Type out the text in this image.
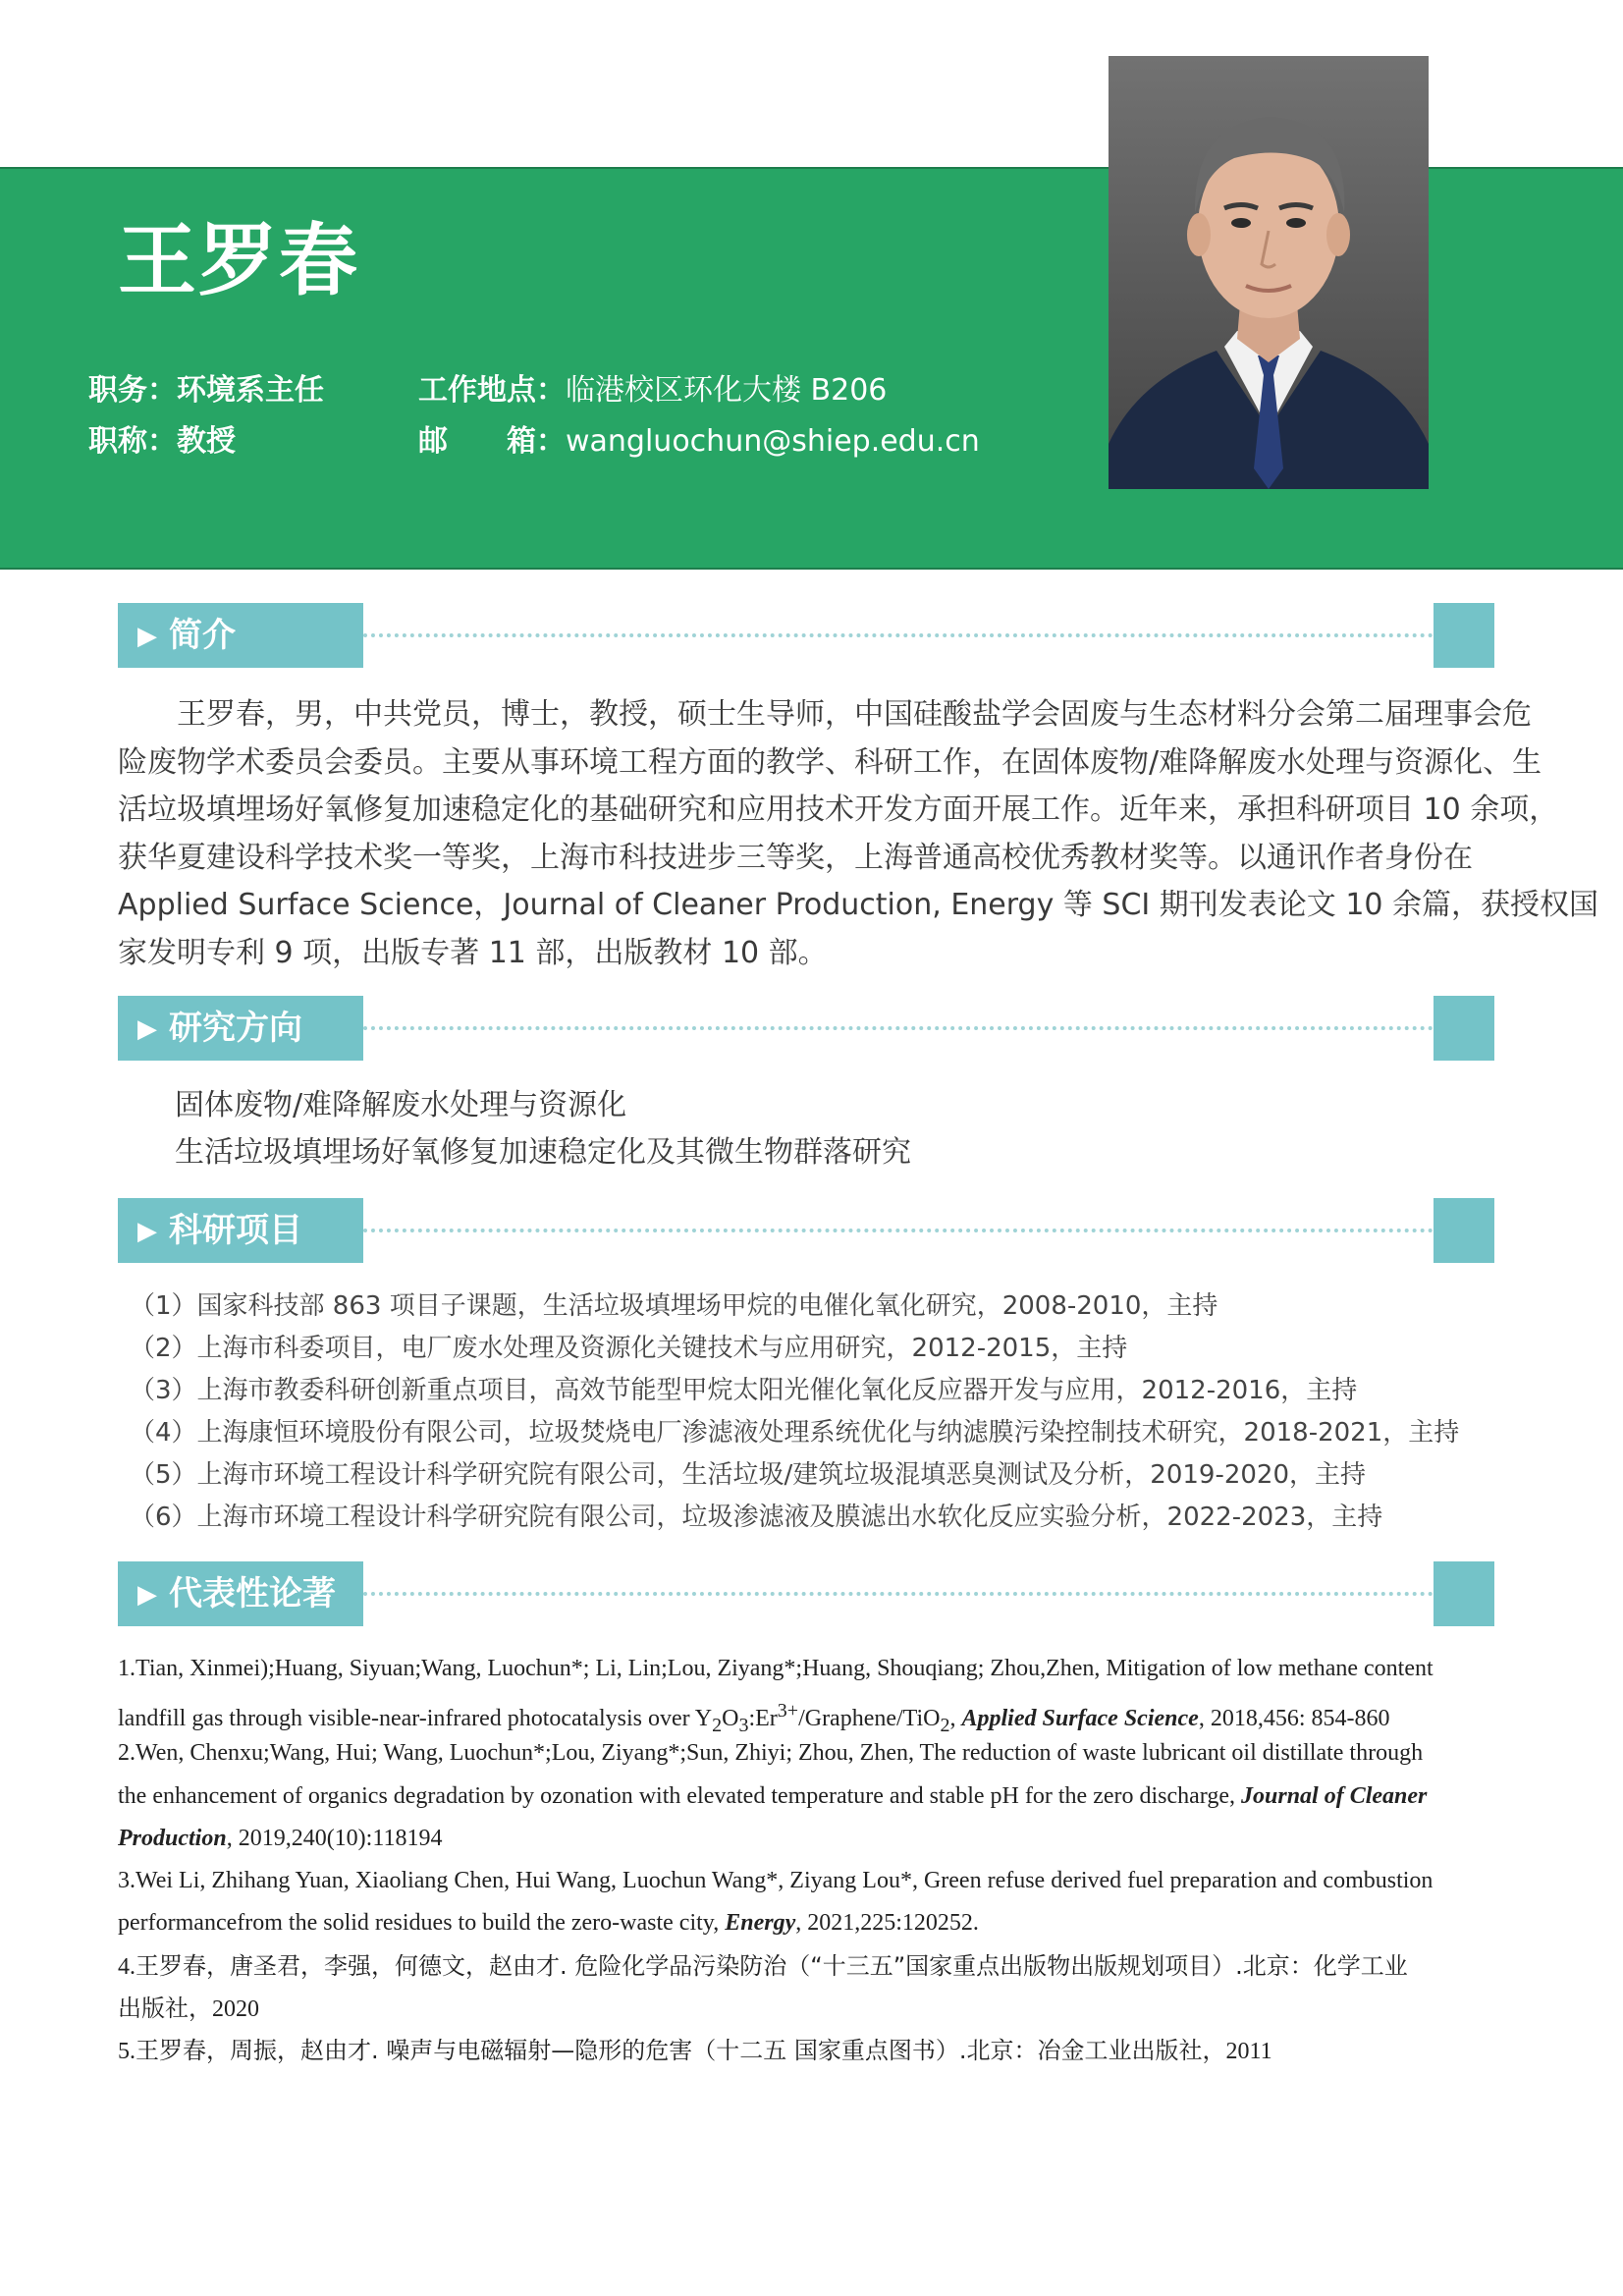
王罗春
职务：环境系主任
职称：教授
工作地点：临港校区环化大楼 B206
邮　　箱：wangluochun@shiep.edu.cn
▶ 简介
王罗春，男，中共党员，博士，教授，硕士生导师，中国硅酸盐学会固废与生态材料分会第二届理事会危
险废物学术委员会委员。主要从事环境工程方面的教学、科研工作，在固体废物/难降解废水处理与资源化、生
活垃圾填埋场好氧修复加速稳定化的基础研究和应用技术开发方面开展工作。近年来，承担科研项目 10 余项，
获华夏建设科学技术奖一等奖，上海市科技进步三等奖，上海普通高校优秀教材奖等。以通讯作者身份在
Applied Surface Science，Journal of Cleaner Production, Energy 等 SCI 期刊发表论文 10 余篇，获授权国
家发明专利 9 项，出版专著 11 部，出版教材 10 部。
▶ 研究方向
固体废物/难降解废水处理与资源化
生活垃圾填埋场好氧修复加速稳定化及其微生物群落研究
▶ 科研项目
（1）国家科技部 863 项目子课题，生活垃圾填埋场甲烷的电催化氧化研究，2008-2010，主持
（2）上海市科委项目，电厂废水处理及资源化关键技术与应用研究，2012-2015，主持
（3）上海市教委科研创新重点项目，高效节能型甲烷太阳光催化氧化反应器开发与应用，2012-2016，主持
（4）上海康恒环境股份有限公司，垃圾焚烧电厂渗滤液处理系统优化与纳滤膜污染控制技术研究，2018-2021，主持
（5）上海市环境工程设计科学研究院有限公司，生活垃圾/建筑垃圾混填恶臭测试及分析，2019-2020，主持
（6）上海市环境工程设计科学研究院有限公司，垃圾渗滤液及膜滤出水软化反应实验分析，2022-2023，主持
▶ 代表性论著
1.Tian, Xinmei);Huang, Siyuan;Wang, Luochun*; Li, Lin;Lou, Ziyang*;Huang, Shouqiang; Zhou,Zhen, Mitigation of low methane content
landfill gas through visible-near-infrared photocatalysis over $Y_2O_3:Er^{3+}/Graphene/TiO_2$, Applied Surface Science, 2018,456: 854-860
2.Wen, Chenxu;Wang, Hui; Wang, Luochun*;Lou, Ziyang*;Sun, Zhiyi; Zhou, Zhen, The reduction of waste lubricant oil distillate through
the enhancement of organics degradation by ozonation with elevated temperature and stable pH for the zero discharge, Journal of Cleaner
Production, 2019,240(10):118194
3.Wei Li, Zhihang Yuan, Xiaoliang Chen, Hui Wang, Luochun Wang*, Ziyang Lou*, Green refuse derived fuel preparation and combustion
performancefrom the solid residues to build the zero-waste city, Energy, 2021,225:120252.
4.王罗春，唐圣君，李强，何德文，赵由才. 危险化学品污染防治（“十三五”国家重点出版物出版规划项目）.北京：化学工业
出版社，2020
5.王罗春，周振，赵由才. 噪声与电磁辐射—隐形的危害（十二五 国家重点图书）.北京：冶金工业出版社，2011
